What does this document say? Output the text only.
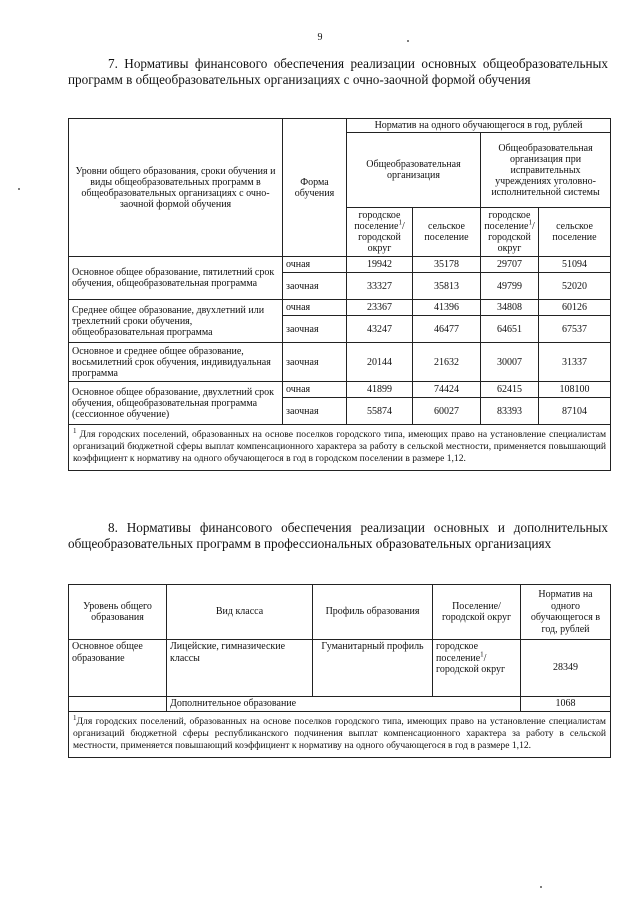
9
7. Нормативы финансового обеспечения реализации основных общеобразовательных программ в общеобразовательных организациях с очно-заочной формой обучения
Уровни общего образования, сроки обучения и виды общеобразовательных программ в общеобразовательных организациях с очно-заочной формой обучения	Форма обучения	Норматив на одного обучающегося в год, рублей			
		Общеобразовательная организация		Общеобразовательная организация при исправительных учреждениях уголовно-исполнительной системы	
		городское поселение$^1$/ городской округ	сельское поселение	городское поселение$^1$/ городской округ	сельское поселение
Основное общее образование, пятилетний срок обучения, общеобразовательная программа	очная	19942	35178	29707	51094
	заочная	33327	35813	49799	52020
Среднее общее образование, двухлетний или трехлетний сроки обучения, общеобразовательная программа	очная	23367	41396	34808	60126
	заочная	43247	46477	64651	67537
Основное и среднее общее образование, восьмилетний срок обучения, индивидуальная программа	заочная	20144	21632	30007	31337
Основное общее образование, двухлетний срок обучения, общеобразовательная программа (сессионное обучение)	очная	41899	74424	62415	108100
	заочная	55874	60027	83393	87104
$^1$ Для городских поселений, образованных на основе поселков городского типа, имеющих право на установление специалистам организаций бюджетной сферы выплат компенсационного характера за работу в сельской местности, применяется повышающий коэффициент к нормативу на одного обучающегося в год в городском поселении в размере 1,12.					
8. Нормативы финансового обеспечения реализации основных и дополнительных общеобразовательных программ в профессиональных образовательных организациях
Уровень общего образования	Вид класса	Профиль образования	Поселение/ городской округ	Норматив на одного обучающегося в год, рублей
Основное общее образование	Лицейские, гимназические классы	Гуманитарный профиль	городское поселение$^1$/ городской округ	28349
	Дополнительное образование			1068
$^1$Для городских поселений, образованных на основе поселков городского типа, имеющих право на установление специалистам организаций бюджетной сферы республиканского подчинения выплат компенсационного характера за работу в сельской местности, применяется повышающий коэффициент к нормативу на одного обучающегося в год в размере 1,12.				
